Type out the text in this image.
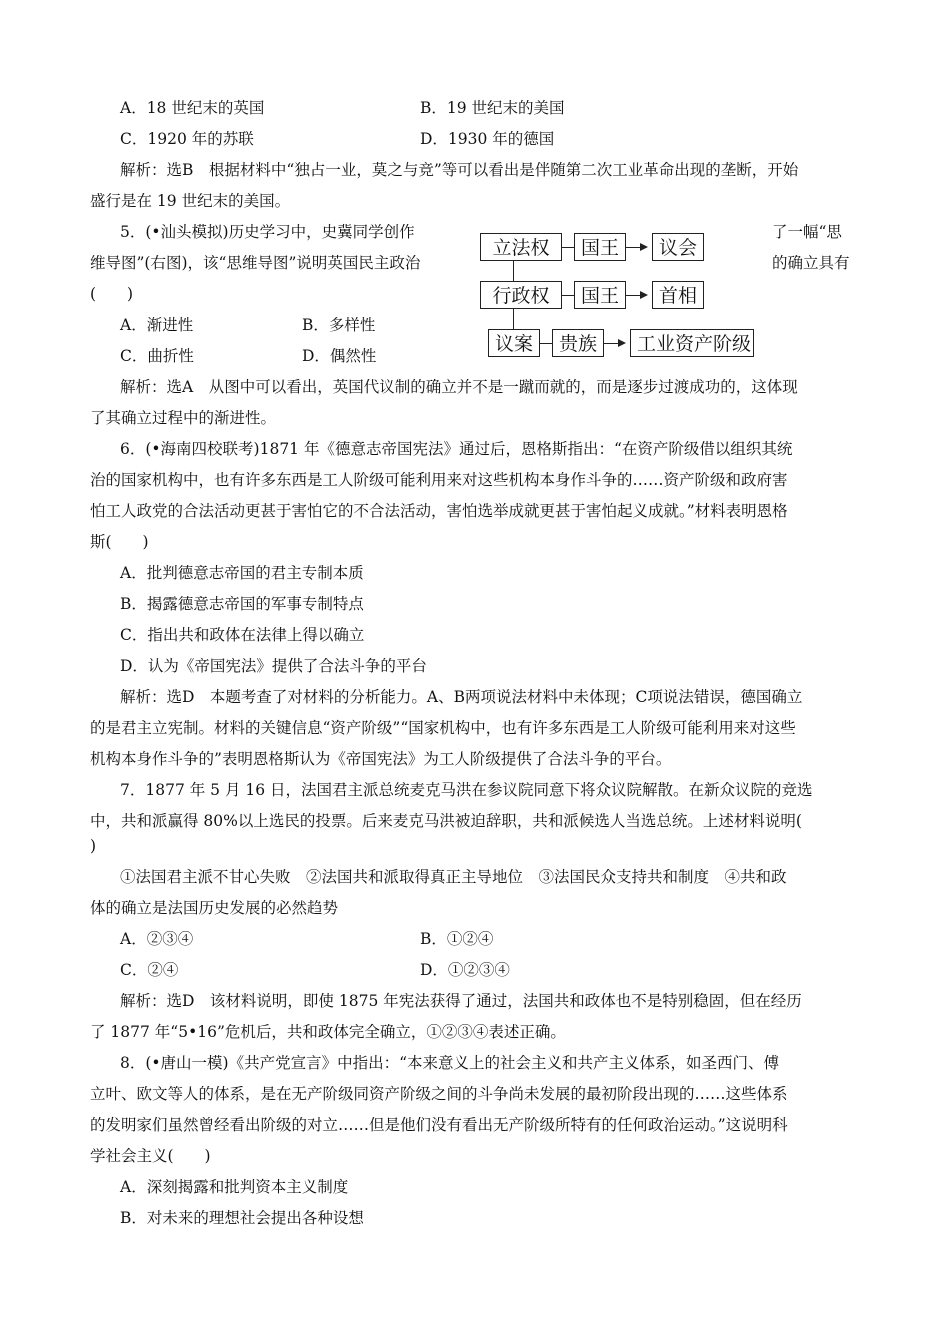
A．18 世纪末的英国	B．19 世纪末的美国
C．1920 年的苏联	D．1930 年的德国
解析：选B　根据材料中“独占一业，莫之与竞”等可以看出是伴随第二次工业革命出现的垄断，开始
盛行是在 19 世纪末的美国。
5．(•汕头模拟)历史学习中，史冀同学创作	了一幅“思
维导图”(右图)，该“思维导图”说明英国民主政治	的确立具有
(　　)
A．渐进性	B．多样性
C．曲折性	D．偶然性
立法权	国王	议会
行政权	国王	首相
议案	贵族	工业资产阶级
解析：选A　从图中可以看出，英国代议制的确立并不是一蹴而就的，而是逐步过渡成功的，这体现
了其确立过程中的渐进性。
6．(•海南四校联考)1871 年《德意志帝国宪法》通过后，恩格斯指出：“在资产阶级借以组织其统
治的国家机构中，也有许多东西是工人阶级可能利用来对这些机构本身作斗争的……资产阶级和政府害
怕工人政党的合法活动更甚于害怕它的不合法活动，害怕选举成就更甚于害怕起义成就。”材料表明恩格
斯(　　)
A．批判德意志帝国的君主专制本质
B．揭露德意志帝国的军事专制特点
C．指出共和政体在法律上得以确立
D．认为《帝国宪法》提供了合法斗争的平台
解析：选D　本题考查了对材料的分析能力。A、B两项说法材料中未体现；C项说法错误，德国确立
的是君主立宪制。材料的关键信息“资产阶级”“国家机构中，也有许多东西是工人阶级可能利用来对这些
机构本身作斗争的”表明恩格斯认为《帝国宪法》为工人阶级提供了合法斗争的平台。
7．1877 年 5 月 16 日，法国君主派总统麦克马洪在参议院同意下将众议院解散。在新众议院的竞选
中，共和派赢得 80%以上选民的投票。后来麦克马洪被迫辞职，共和派候选人当选总统。上述材料说明(
)
①法国君主派不甘心失败　②法国共和派取得真正主导地位　③法国民众支持共和制度　④共和政
体的确立是法国历史发展的必然趋势
A．②③④	B．①②④
C．②④	D．①②③④
解析：选D　该材料说明，即使 1875 年宪法获得了通过，法国共和政体也不是特别稳固，但在经历
了 1877 年“5•16”危机后，共和政体完全确立，①②③④表述正确。
8．(•唐山一模)《共产党宣言》中指出：“本来意义上的社会主义和共产主义体系，如圣西门、傅
立叶、欧文等人的体系，是在无产阶级同资产阶级之间的斗争尚未发展的最初阶段出现的……这些体系
的发明家们虽然曾经看出阶级的对立……但是他们没有看出无产阶级所特有的任何政治运动。”这说明科
学社会主义(　　)
A．深刻揭露和批判资本主义制度
B．对未来的理想社会提出各种设想
